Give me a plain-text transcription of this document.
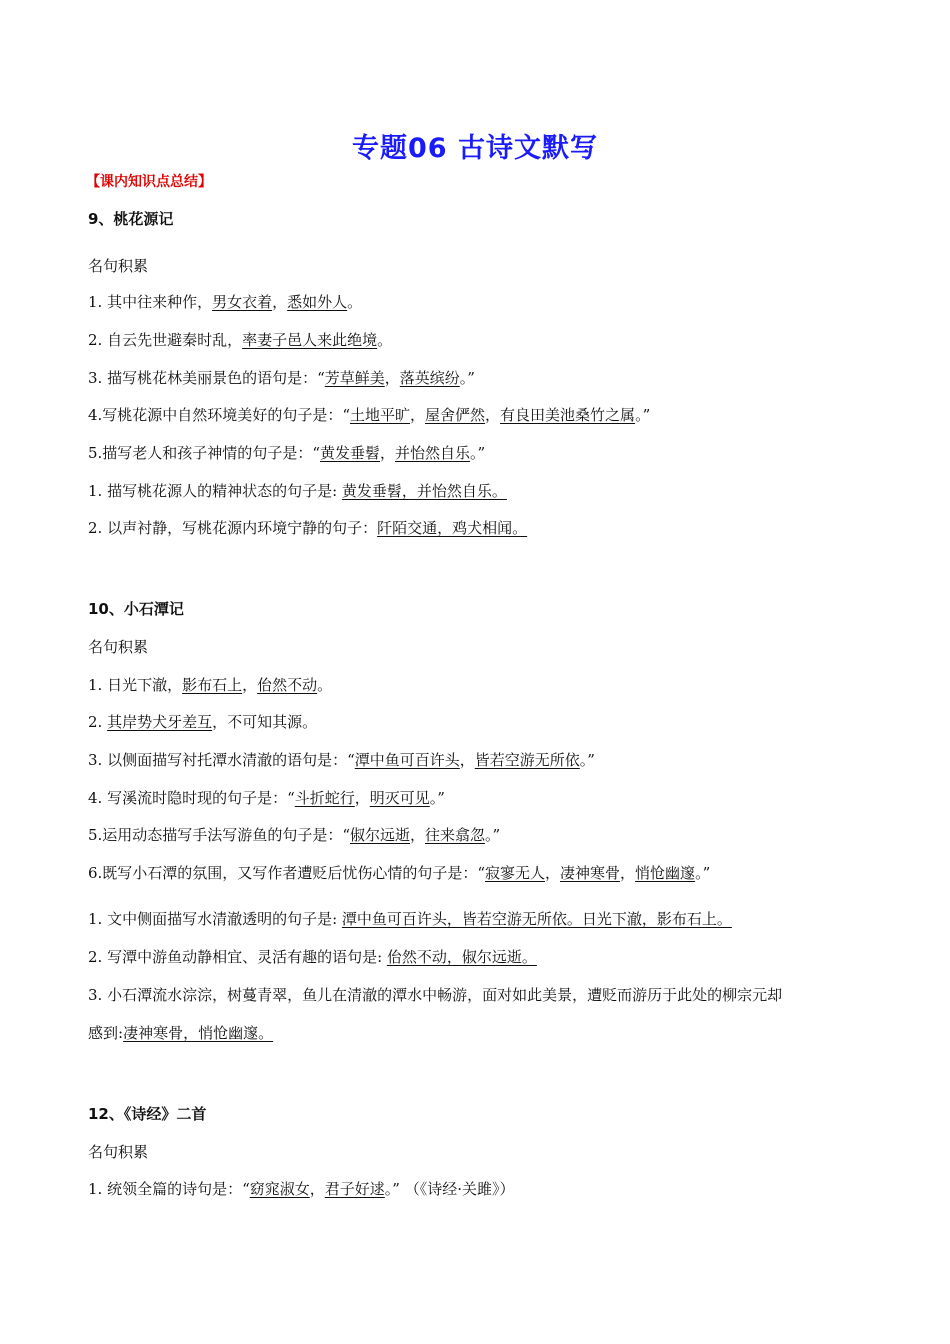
专题06 古诗文默写
【课内知识点总结】
9、桃花源记
名句积累
1. 其中往来种作，男女衣着，悉如外人。
2. 自云先世避秦时乱，率妻子邑人来此绝境。
3. 描写桃花林美丽景色的语句是：“芳草鲜美，落英缤纷。”
4.写桃花源中自然环境美好的句子是：“土地平旷，屋舍俨然，有良田美池桑竹之属。”
5.描写老人和孩子神情的句子是：“黄发垂髫，并怡然自乐。”
1. 描写桃花源人的精神状态的句子是: 黄发垂髫，并怡然自乐。
2. 以声衬静，写桃花源内环境宁静的句子：阡陌交通，鸡犬相闻。
10、小石潭记
名句积累
1. 日光下澈，影布石上，佁然不动。
2. 其岸势犬牙差互，不可知其源。
3. 以侧面描写衬托潭水清澈的语句是：“潭中鱼可百许头，皆若空游无所依。”
4. 写溪流时隐时现的句子是：“斗折蛇行，明灭可见。”
5.运用动态描写手法写游鱼的句子是：“俶尔远逝，往来翕忽。”
6.既写小石潭的氛围，又写作者遭贬后忧伤心情的句子是：“寂寥无人，凄神寒骨，悄怆幽邃。”
1. 文中侧面描写水清澈透明的句子是: 潭中鱼可百许头，皆若空游无所依。日光下澈，影布石上。
2. 写潭中游鱼动静相宜、灵活有趣的语句是: 佁然不动，俶尔远逝。
3. 小石潭流水淙淙，树蔓青翠，鱼儿在清澈的潭水中畅游，面对如此美景，遭贬而游历于此处的柳宗元却
感到:凄神寒骨，悄怆幽邃。
12、《诗经》二首
名句积累
1. 统领全篇的诗句是：“窈窕淑女，君子好逑。” （《诗经·关雎》）
